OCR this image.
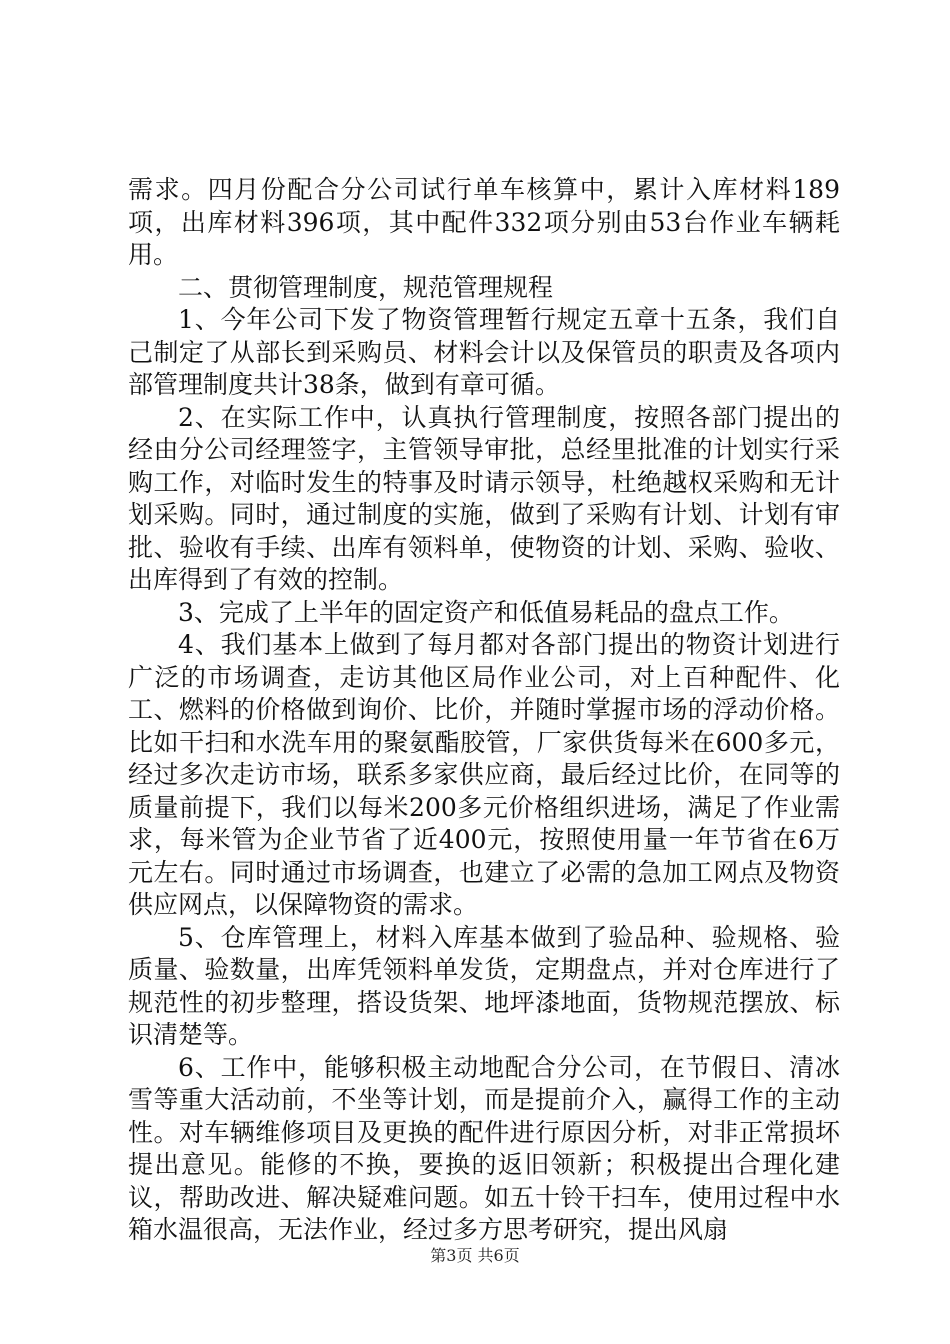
需求。四月份配合分公司试行单车核算中，累计入库材料189项，出库材料396项，其中配件332项分别由53台作业车辆耗用。

二、贯彻管理制度，规范管理规程

1、今年公司下发了物资管理暂行规定五章十五条，我们自己制定了从部长到采购员、材料会计以及保管员的职责及各项内部管理制度共计38条，做到有章可循。

2、在实际工作中，认真执行管理制度，按照各部门提出的经由分公司经理签字，主管领导审批，总经里批准的计划实行采购工作，对临时发生的特事及时请示领导，杜绝越权采购和无计划采购。同时，通过制度的实施，做到了采购有计划、计划有审批、验收有手续、出库有领料单，使物资的计划、采购、验收、出库得到了有效的控制。

3、完成了上半年的固定资产和低值易耗品的盘点工作。

4、我们基本上做到了每月都对各部门提出的物资计划进行广泛的市场调查，走访其他区局作业公司，对上百种配件、化工、燃料的价格做到询价、比价，并随时掌握市场的浮动价格。比如干扫和水洗车用的聚氨酯胶管，厂家供货每米在600多元，经过多次走访市场，联系多家供应商，最后经过比价，在同等的质量前提下，我们以每米200多元价格组织进场，满足了作业需求，每米管为企业节省了近400元，按照使用量一年节省在6万元左右。同时通过市场调查，也建立了必需的急加工网点及物资供应网点，以保障物资的需求。

5、仓库管理上，材料入库基本做到了验品种、验规格、验质量、验数量，出库凭领料单发货，定期盘点，并对仓库进行了规范性的初步整理，搭设货架、地坪漆地面，货物规范摆放、标识清楚等。

6、工作中，能够积极主动地配合分公司，在节假日、清冰雪等重大活动前，不坐等计划，而是提前介入，赢得工作的主动性。对车辆维修项目及更换的配件进行原因分析，对非正常损坏提出意见。能修的不换，要换的返旧领新；积极提出合理化建议，帮助改进、解决疑难问题。如五十铃干扫车，使用过程中水箱水温很高，无法作业，经过多方思考研究，提出风扇

第3页 共6页
